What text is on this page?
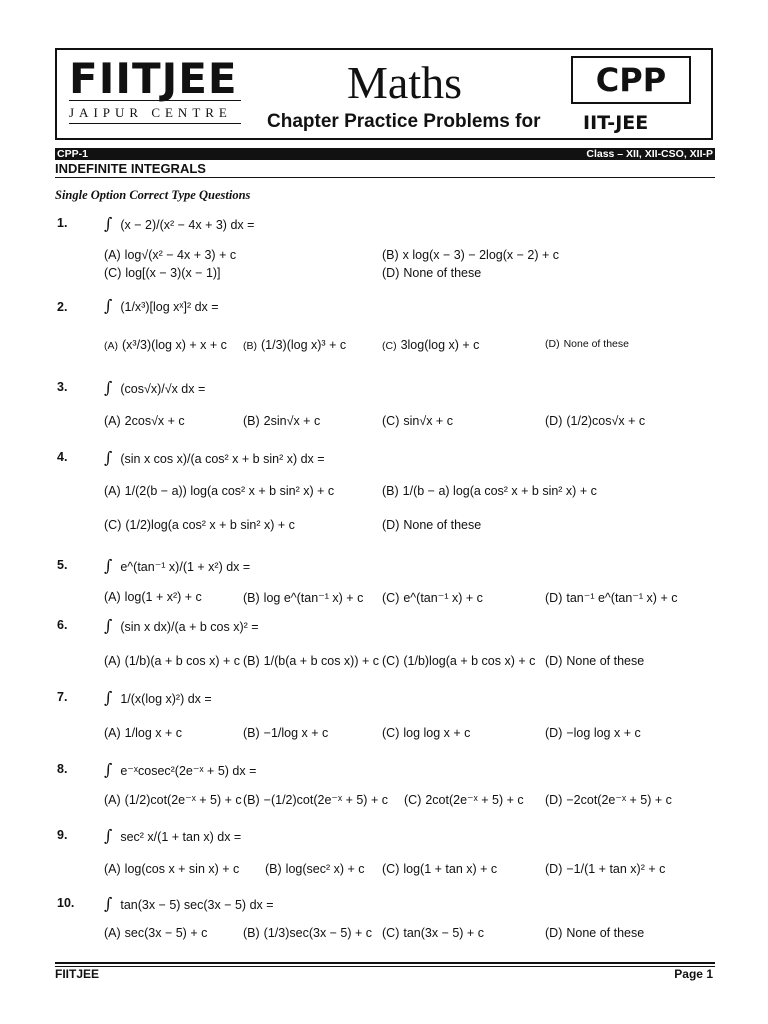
FIITJEE
JAIPUR CENTRE
Maths
Chapter Practice Problems for
CPP
IIT-JEE
CPP-1	Class – XII, XII-CSO, XII-P
INDEFINITE INTEGRALS
Single Option Correct Type Questions
1. ∫ (x − 2)/(x² − 4x + 3) dx =
(A) log√(x² − 4x + 3) + c	(B) x log(x − 3) − 2log(x − 2) + c
(C) log[(x − 3)(x − 1)]	(D) None of these
2. ∫ (1/x³)[log xˣ]² dx =
(A) (x³/3)(log x) + x + c (B) (1/3)(log x)³ + c	(C) 3log(log x) + c	(D) None of these
3. ∫ (cos√x)/√x dx =
(A) 2cos√x + c	(B) 2sin√x + c	(C) sin√x + c	(D) (1/2)cos√x + c
4. ∫ (sin x cos x)/(a cos² x + b sin² x) dx =
(A) 1/(2(b − a)) log(a cos² x + b sin² x) + c	(B) 1/(b − a) log(a cos² x + b sin² x) + c
(C) (1/2)log(a cos² x + b sin² x) + c	(D) None of these
5. ∫ e^(tan⁻¹ x)/(1 + x²) dx =
(A) log(1 + x²) + c	(B) log e^(tan⁻¹ x) + c (C) e^(tan⁻¹ x) + c	(D) tan⁻¹ e^(tan⁻¹ x) + c
6. ∫ (sin x dx)/(a + b cos x)² =
(A) (1/b)(a + b cos x) + c (B) 1/(b(a + b cos x)) + c (C) (1/b)log(a + b cos x) + c (D) None of these
7. ∫ 1/(x(log x)²) dx =
(A) 1/log x + c	(B) −1/log x + c	(C) log log x + c	(D) −log log x + c
8. ∫ e⁻ˣcosec²(2e⁻ˣ + 5) dx =
(A) (1/2)cot(2e⁻ˣ + 5) + c (B) −(1/2)cot(2e⁻ˣ + 5) + c (C) 2cot(2e⁻ˣ + 5) + c (D) −2cot(2e⁻ˣ + 5) + c
9. ∫ sec² x/(1 + tan x) dx =
(A) log(cos x + sin x) + c (B) log(sec² x) + c (C) log(1 + tan x) + c	(D) −1/(1 + tan x)² + c
10. ∫ tan(3x − 5) sec(3x − 5) dx =
(A) sec(3x − 5) + c	(B) (1/3)sec(3x − 5) + c (C) tan(3x − 5) + c	(D) None of these
FIITJEE	Page 1
